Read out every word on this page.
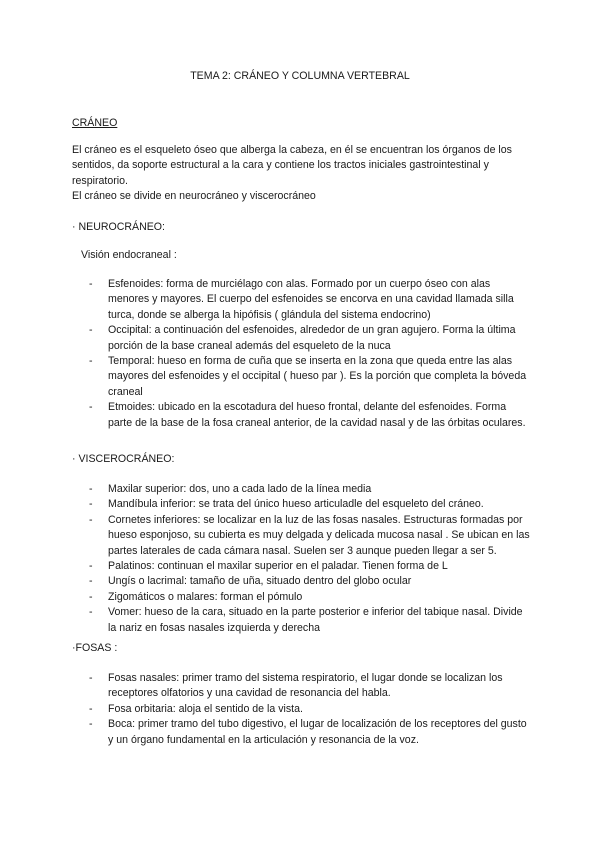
TEMA 2: CRÁNEO Y COLUMNA VERTEBRAL
CRÁNEO
El cráneo es el esqueleto óseo que alberga la cabeza, en él se encuentran los órganos de los sentidos, da soporte estructural a la cara y contiene los tractos iniciales gastrointestinal y respiratorio.
El cráneo se divide en neurocráneo y viscerocráneo
· NEUROCRÁNEO:
Visión endocraneal :
- Esfenoides: forma de murciélago con alas. Formado por un cuerpo óseo con alas menores y mayores. El cuerpo del esfenoides se encorva en una cavidad llamada silla turca, donde se alberga la hipófisis ( glándula del sistema endocrino)
- Occipital: a continuación del esfenoides, alrededor de un gran agujero. Forma la última porción de la base craneal además del esqueleto de la nuca
- Temporal: hueso en forma de cuña que se inserta en la zona que queda entre las alas mayores del esfenoides y el occipital ( hueso par ). Es la porción que completa la bóveda craneal
- Etmoides: ubicado en la escotadura del hueso frontal, delante del esfenoides. Forma parte de la base de la fosa craneal anterior, de la cavidad nasal y de las órbitas oculares.
· VISCEROCRÁNEO:
- Maxilar superior: dos, uno a cada lado de la línea media
- Mandíbula inferior: se trata del único hueso articuladle del esqueleto del cráneo.
- Cornetes inferiores: se localizar en la luz de las fosas nasales. Estructuras formadas por hueso esponjoso, su cubierta es muy delgada y delicada mucosa nasal . Se ubican en las partes laterales de cada cámara nasal. Suelen ser 3 aunque pueden llegar a ser 5.
- Palatinos: continuan el maxilar superior en el paladar. Tienen forma de L
- Ungís o lacrimal: tamaño de uña, situado dentro del globo ocular
- Zigomáticos o malares: forman el pómulo
- Vomer: hueso de la cara, situado en la parte posterior e inferior del tabique nasal. Divide la nariz en fosas nasales izquierda y derecha
·FOSAS :
- Fosas nasales: primer tramo del sistema respiratorio, el lugar donde se localizan los receptores olfatorios y una cavidad de resonancia del habla.
- Fosa orbitaria: aloja el sentido de la vista.
- Boca: primer tramo del tubo digestivo, el lugar de localización de los receptores del gusto y un órgano fundamental en la articulación y resonancia de la voz.
